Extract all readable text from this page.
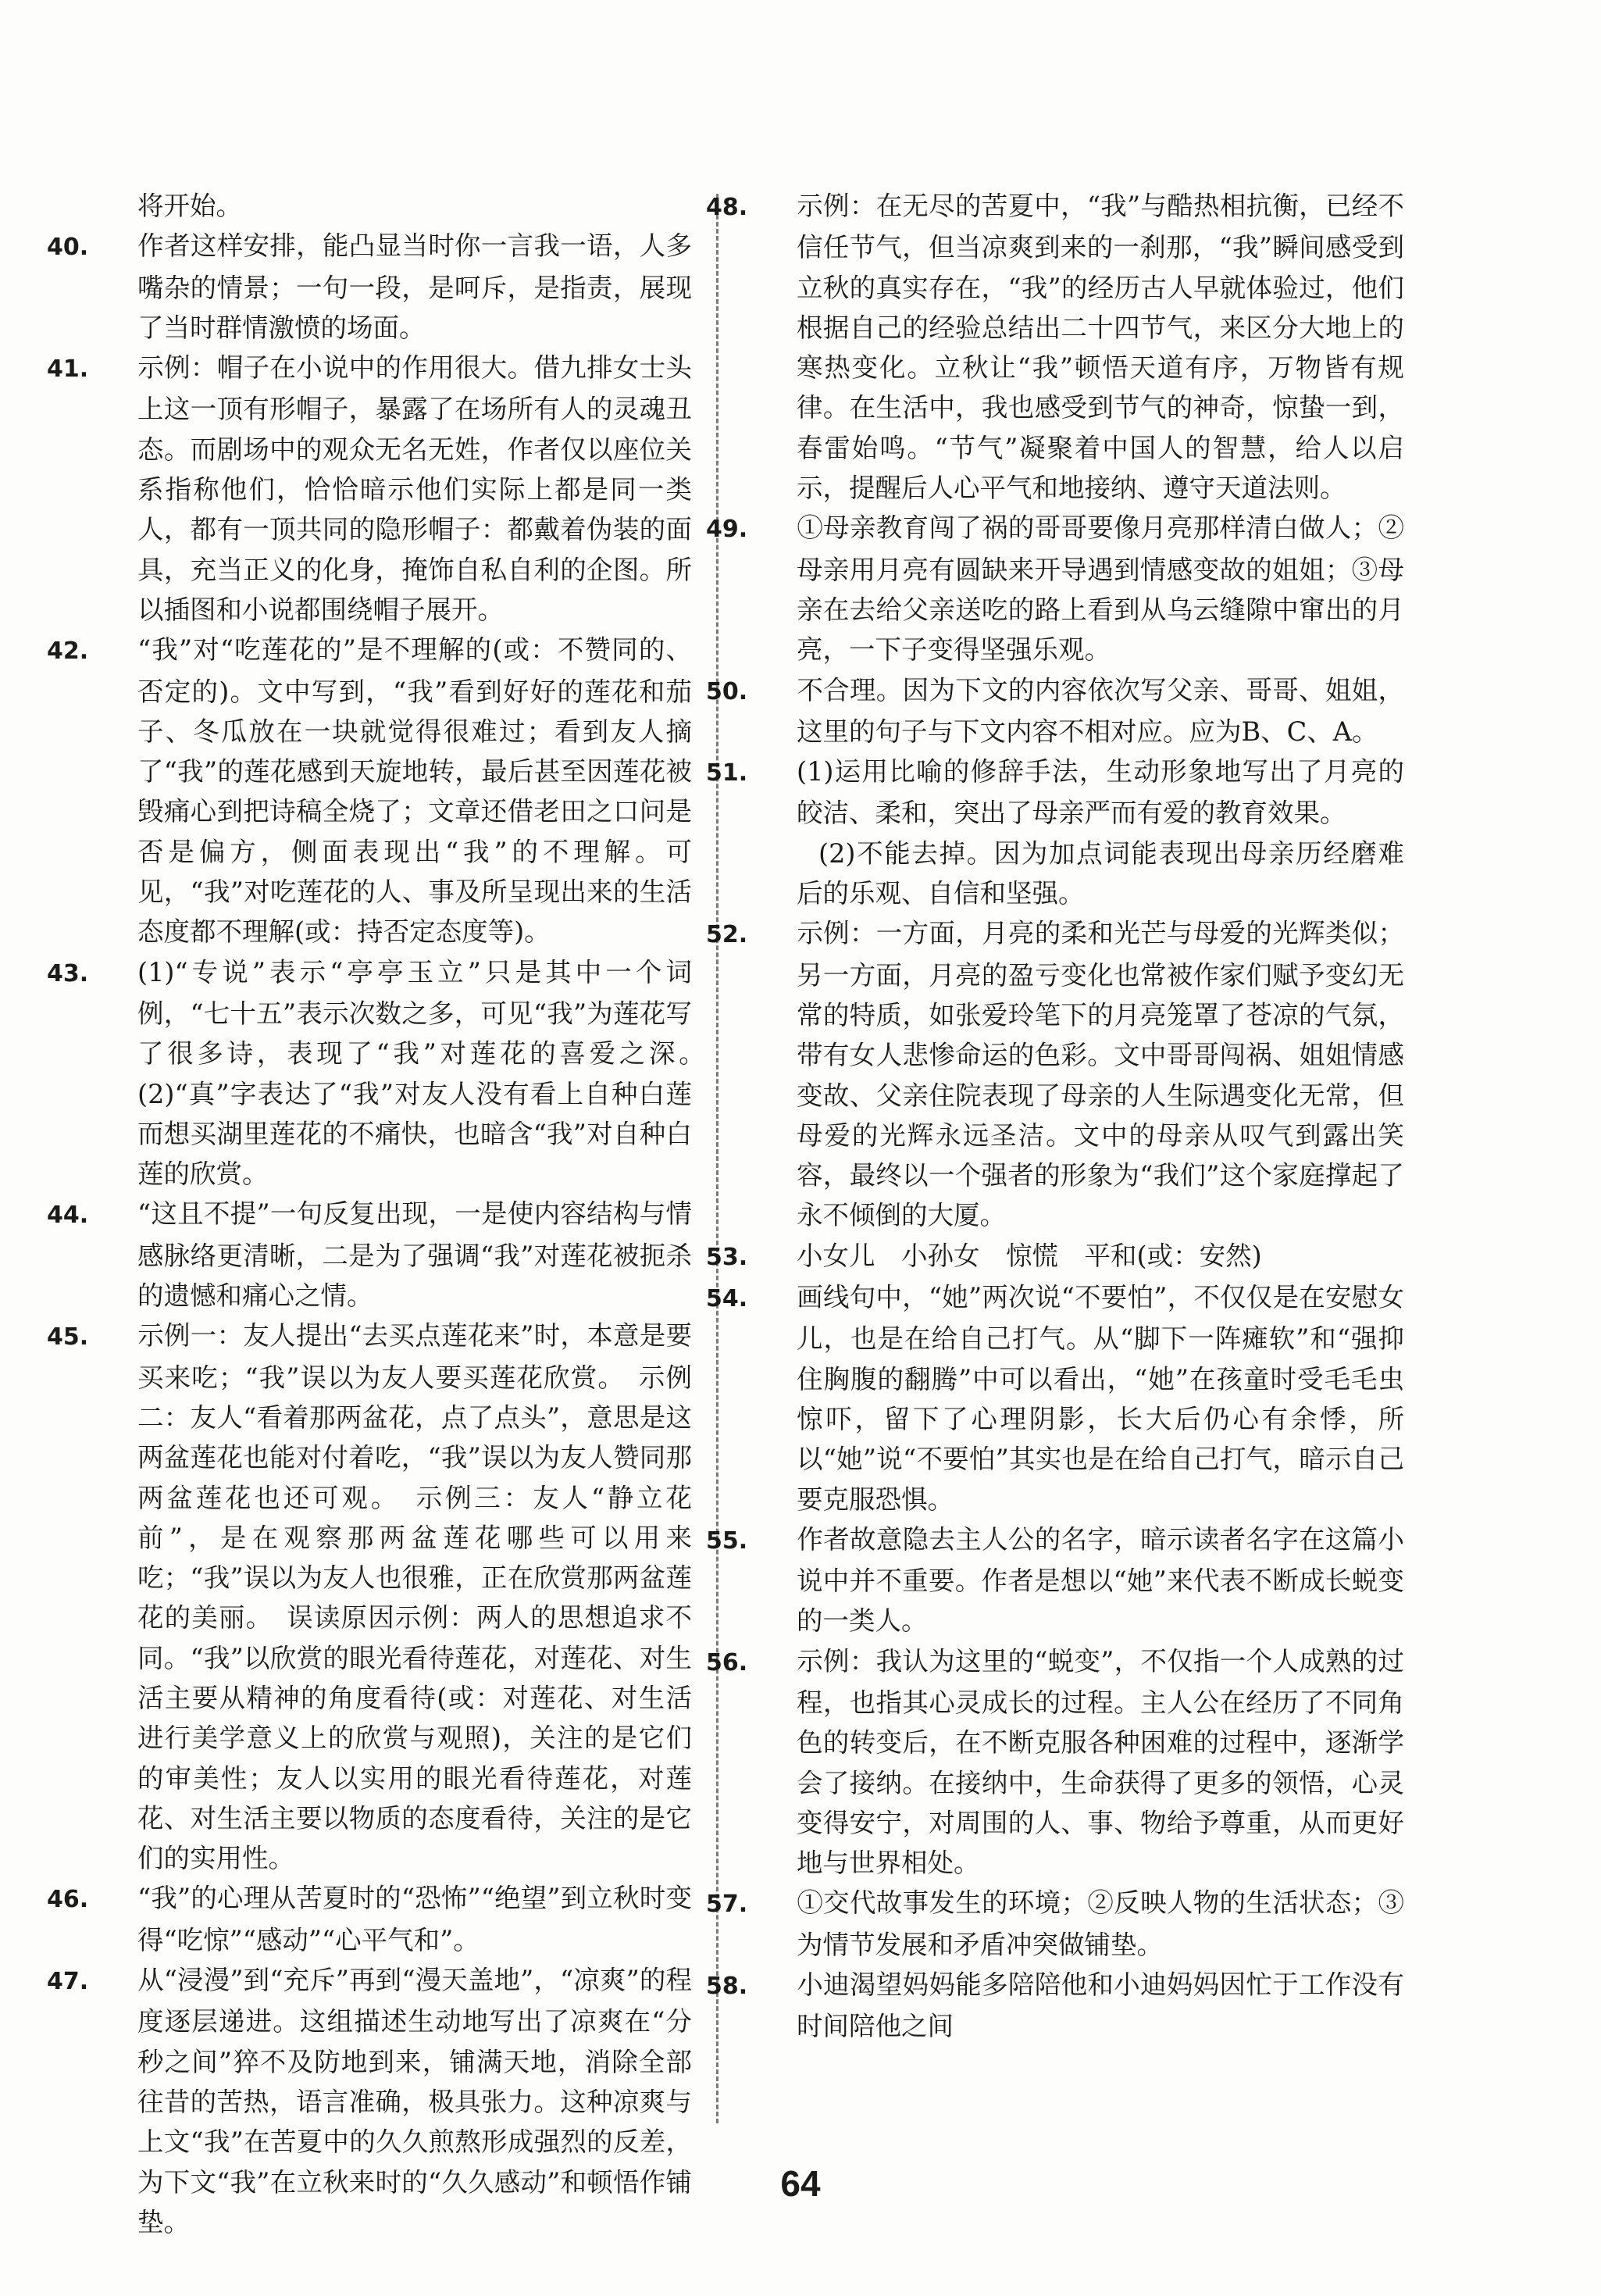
将开始。
40. 作者这样安排，能凸显当时你一言我一语，人多嘴杂的情景；一句一段，是呵斥，是指责，展现了当时群情激愤的场面。
41. 示例：帽子在小说中的作用很大。借九排女士头上这一顶有形帽子，暴露了在场所有人的灵魂丑态。而剧场中的观众无名无姓，作者仅以座位关系指称他们，恰恰暗示他们实际上都是同一类人，都有一顶共同的隐形帽子：都戴着伪装的面具，充当正义的化身，掩饰自私自利的企图。所以插图和小说都围绕帽子展开。
42. “我”对“吃莲花的”是不理解的(或：不赞同的、否定的)。文中写到，“我”看到好好的莲花和茄子、冬瓜放在一块就觉得很难过；看到友人摘了“我”的莲花感到天旋地转，最后甚至因莲花被毁痛心到把诗稿全烧了；文章还借老田之口问是否是偏方，侧面表现出“我”的不理解。可见，“我”对吃莲花的人、事及所呈现出来的生活态度都不理解(或：持否定态度等)。
43. (1)“专说”表示“亭亭玉立”只是其中一个词例，“七十五”表示次数之多，可见“我”为莲花写了很多诗，表现了“我”对莲花的喜爱之深。　(2)“真”字表达了“我”对友人没有看上自种白莲而想买湖里莲花的不痛快，也暗含“我”对自种白莲的欣赏。
44. “这且不提”一句反复出现，一是使内容结构与情感脉络更清晰，二是为了强调“我”对莲花被扼杀的遗憾和痛心之情。
45. 示例一：友人提出“去买点莲花来”时，本意是要买来吃；“我”误以为友人要买莲花欣赏。　示例二：友人“看着那两盆花，点了点头”，意思是这两盆莲花也能对付着吃，“我”误以为友人赞同那两盆莲花也还可观。　示例三：友人“静立花前”，是在观察那两盆莲花哪些可以用来吃；“我”误以为友人也很雅，正在欣赏那两盆莲花的美丽。　误读原因示例：两人的思想追求不同。“我”以欣赏的眼光看待莲花，对莲花、对生活主要从精神的角度看待(或：对莲花、对生活进行美学意义上的欣赏与观照)，关注的是它们的审美性；友人以实用的眼光看待莲花，对莲花、对生活主要以物质的态度看待，关注的是它们的实用性。
46. “我”的心理从苦夏时的“恐怖”“绝望”到立秋时变得“吃惊”“感动”“心平气和”。
47. 从“浸漫”到“充斥”再到“漫天盖地”，“凉爽”的程度逐层递进。这组描述生动地写出了凉爽在“分秒之间”猝不及防地到来，铺满天地，消除全部往昔的苦热，语言准确，极具张力。这种凉爽与上文“我”在苦夏中的久久煎熬形成强烈的反差，为下文“我”在立秋来时的“久久感动”和顿悟作铺垫。
48. 示例：在无尽的苦夏中，“我”与酷热相抗衡，已经不信任节气，但当凉爽到来的一刹那，“我”瞬间感受到立秋的真实存在，“我”的经历古人早就体验过，他们根据自己的经验总结出二十四节气，来区分大地上的寒热变化。立秋让“我”顿悟天道有序，万物皆有规律。在生活中，我也感受到节气的神奇，惊蛰一到，春雷始鸣。“节气”凝聚着中国人的智慧，给人以启示，提醒后人心平气和地接纳、遵守天道法则。
49. ①母亲教育闯了祸的哥哥要像月亮那样清白做人；②母亲用月亮有圆缺来开导遇到情感变故的姐姐；③母亲在去给父亲送吃的路上看到从乌云缝隙中窜出的月亮，一下子变得坚强乐观。
50. 不合理。因为下文的内容依次写父亲、哥哥、姐姐，这里的句子与下文内容不相对应。应为B、C、A。
51. (1)运用比喻的修辞手法，生动形象地写出了月亮的皎洁、柔和，突出了母亲严而有爱的教育效果。
(2)不能去掉。因为加点词能表现出母亲历经磨难后的乐观、自信和坚强。
52. 示例：一方面，月亮的柔和光芒与母爱的光辉类似；另一方面，月亮的盈亏变化也常被作家们赋予变幻无常的特质，如张爱玲笔下的月亮笼罩了苍凉的气氛，带有女人悲惨命运的色彩。文中哥哥闯祸、姐姐情感变故、父亲住院表现了母亲的人生际遇变化无常，但母爱的光辉永远圣洁。文中的母亲从叹气到露出笑容，最终以一个强者的形象为“我们”这个家庭撑起了永不倾倒的大厦。
53. 小女儿　小孙女　惊慌　平和(或：安然)
54. 画线句中，“她”两次说“不要怕”，不仅仅是在安慰女儿，也是在给自己打气。从“脚下一阵瘫软”和“强抑住胸腹的翻腾”中可以看出，“她”在孩童时受毛毛虫惊吓，留下了心理阴影，长大后仍心有余悸，所以“她”说“不要怕”其实也是在给自己打气，暗示自己要克服恐惧。
55. 作者故意隐去主人公的名字，暗示读者名字在这篇小说中并不重要。作者是想以“她”来代表不断成长蜕变的一类人。
56. 示例：我认为这里的“蜕变”，不仅指一个人成熟的过程，也指其心灵成长的过程。主人公在经历了不同角色的转变后，在不断克服各种困难的过程中，逐渐学会了接纳。在接纳中，生命获得了更多的领悟，心灵变得安宁，对周围的人、事、物给予尊重，从而更好地与世界相处。
57. ①交代故事发生的环境；②反映人物的生活状态；③为情节发展和矛盾冲突做铺垫。
58. 小迪渴望妈妈能多陪陪他和小迪妈妈因忙于工作没有时间陪他之间
64
